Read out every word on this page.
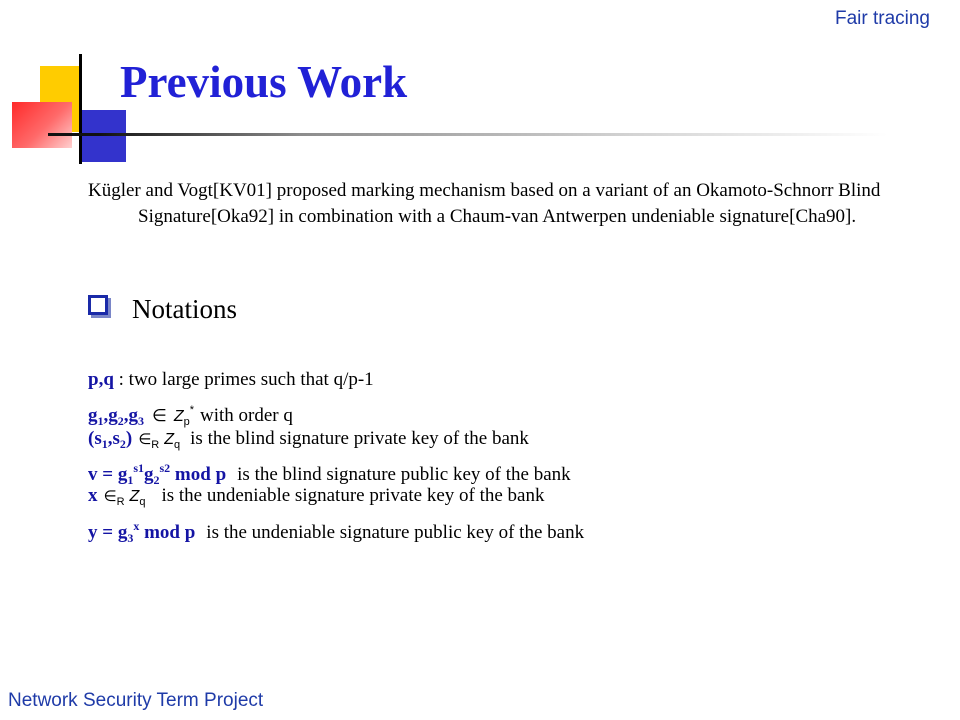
Fair tracing
Previous Work
Kügler and Vogt[KV01] proposed marking mechanism based on a variant of an Okamoto-Schnorr Blind Signature[Oka92] in combination with a Chaum-van Antwerpen undeniable signature[Cha90].
Notations
p,q : two large primes such that q/p-1
$g_1,g_2,g_3$ ∈ $Z_p^*$ with order q
$(s_1,s_2)$ $\in_R$ $Z_q$ is the blind signature private key of the bank
$v = g_1^{s1}g_2^{s2}$ mod p is the blind signature public key of the bank
x $\in_R$ $Z_q$ is the undeniable signature private key of the bank
$y = g_3^x$ mod p is the undeniable signature public key of the bank
Network Security Term Project
